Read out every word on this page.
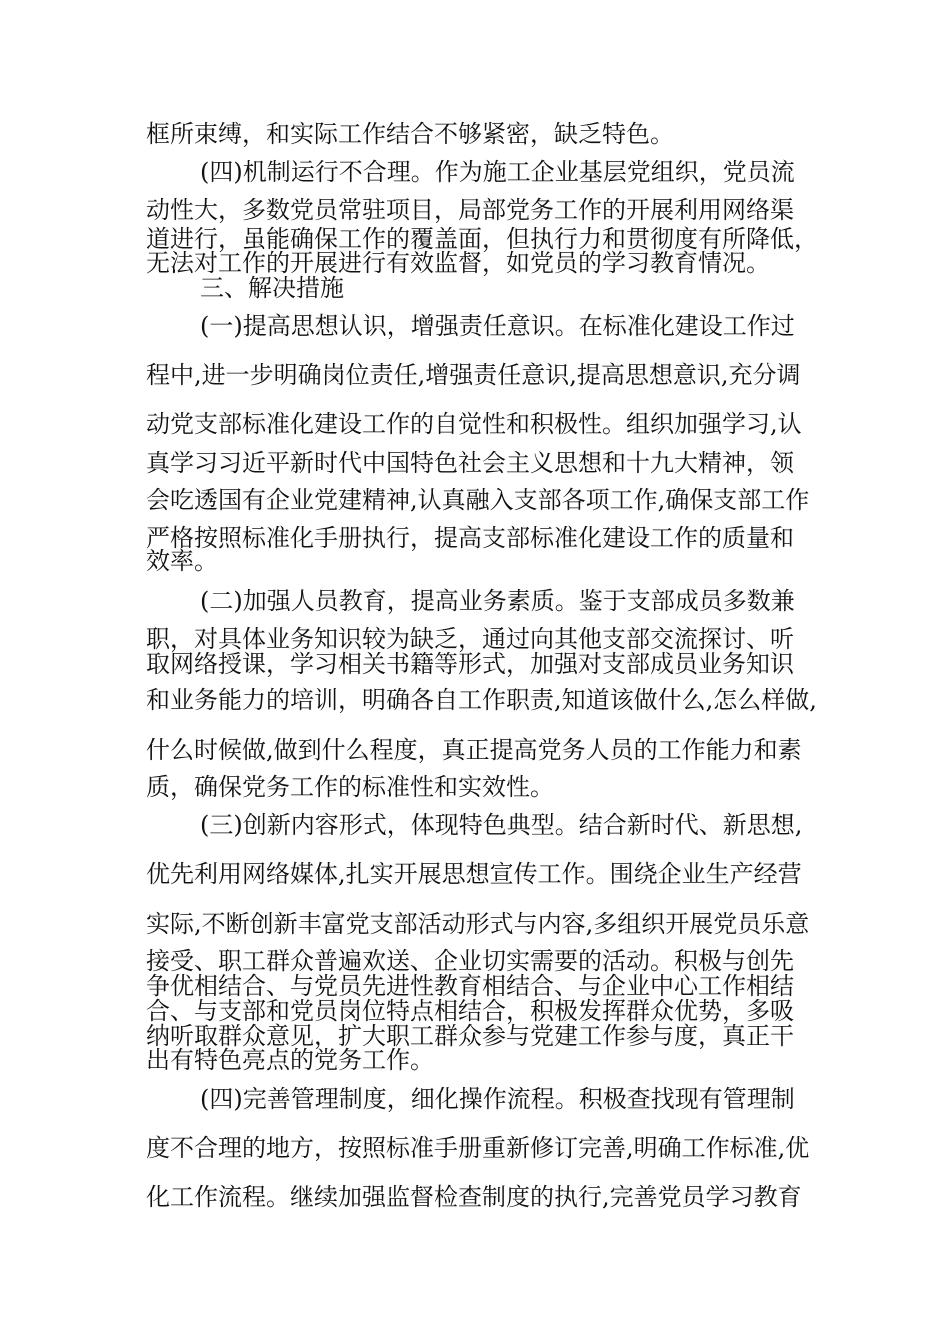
框所束缚，和实际工作结合不够紧密，缺乏特色。
(四)机制运行不合理。作为施工企业基层党组织，党员流
动性大，多数党员常驻项目，局部党务工作的开展利用网络渠
道进行，虽能确保工作的覆盖面，但执行力和贯彻度有所降低，
无法对工作的开展进行有效监督，如党员的学习教育情况。
三、解决措施
(一)提高思想认识，增强责任意识。在标准化建设工作过
程中,进一步明确岗位责任,增强责任意识,提高思想意识,充分调
动党支部标准化建设工作的自觉性和积极性。组织加强学习,认
真学习习近平新时代中国特色社会主义思想和十九大精神，领
会吃透国有企业党建精神,认真融入支部各项工作,确保支部工作
严格按照标准化手册执行，提高支部标准化建设工作的质量和
效率。
(二)加强人员教育，提高业务素质。鉴于支部成员多数兼
职，对具体业务知识较为缺乏，通过向其他支部交流探讨、听
取网络授课，学习相关书籍等形式，加强对支部成员业务知识
和业务能力的培训，明确各自工作职责,知道该做什么,怎么样做,
什么时候做,做到什么程度，真正提高党务人员的工作能力和素
质，确保党务工作的标准性和实效性。
(三)创新内容形式，体现特色典型。结合新时代、新思想,
优先利用网络媒体,扎实开展思想宣传工作。围绕企业生产经营
实际,不断创新丰富党支部活动形式与内容,多组织开展党员乐意
接受、职工群众普遍欢送、企业切实需要的活动。积极与创先
争优相结合、与党员先进性教育相结合、与企业中心工作相结
合、与支部和党员岗位特点相结合，积极发挥群众优势，多吸
纳听取群众意见，扩大职工群众参与党建工作参与度，真正干
出有特色亮点的党务工作。
(四)完善管理制度，细化操作流程。积极查找现有管理制
度不合理的地方，按照标准手册重新修订完善,明确工作标准,优
化工作流程。继续加强监督检查制度的执行,完善党员学习教育
